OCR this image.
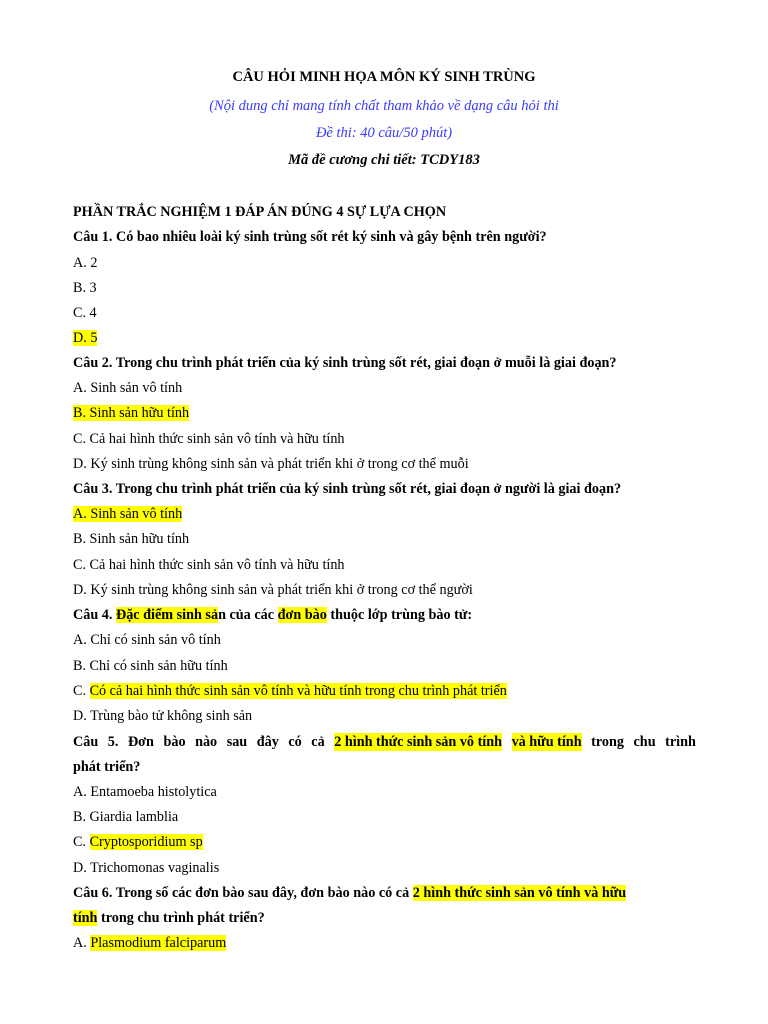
CÂU HỎI MINH HỌA MÔN KÝ SINH TRÙNG
(Nội dung chỉ mang tính chất tham khảo về dạng câu hỏi thi
Đề thi: 40 câu/50 phút)
Mã đề cương chi tiết: TCDY183
PHẦN TRẮC NGHIỆM 1 ĐÁP ÁN ĐÚNG 4 SỰ LỰA CHỌN
Câu 1. Có bao nhiêu loài ký sinh trùng sốt rét ký sinh và gây bệnh trên người?
A. 2
B. 3
C. 4
D. 5
Câu 2. Trong chu trình phát triển của ký sinh trùng sốt rét, giai đoạn ở muỗi là giai đoạn?
A. Sinh sản vô tính
B. Sinh sản hữu tính
C. Cả hai hình thức sinh sản vô tính và hữu tính
D. Ký sinh trùng không sinh sản và phát triển khi ở trong cơ thể muỗi
Câu 3. Trong chu trình phát triển của ký sinh trùng sốt rét, giai đoạn ở người là giai đoạn?
A. Sinh sản vô tính
B. Sinh sản hữu tính
C. Cả hai hình thức sinh sản vô tính và hữu tính
D. Ký sinh trùng không sinh sản và phát triển khi ở trong cơ thể người
Câu 4. Đặc điểm sinh sản của các đơn bào thuộc lớp trùng bào tử:
A. Chỉ có sinh sản vô tính
B. Chỉ có sinh sản hữu tính
C. Có cả hai hình thức sinh sản vô tính và hữu tính trong chu trình phát triển
D. Trùng bào tử không sinh sản
Câu 5. Đơn bào nào sau đây có cả 2 hình thức sinh sản vô tính và hữu tính trong chu trình
phát triển?
A. Entamoeba histolytica
B. Giardia lamblia
C. Cryptosporidium sp
D. Trichomonas vaginalis
Câu 6. Trong số các đơn bào sau đây, đơn bào nào có cả 2 hình thức sinh sản vô tính và hữu
tính trong chu trình phát triển?
A. Plasmodium falciparum
